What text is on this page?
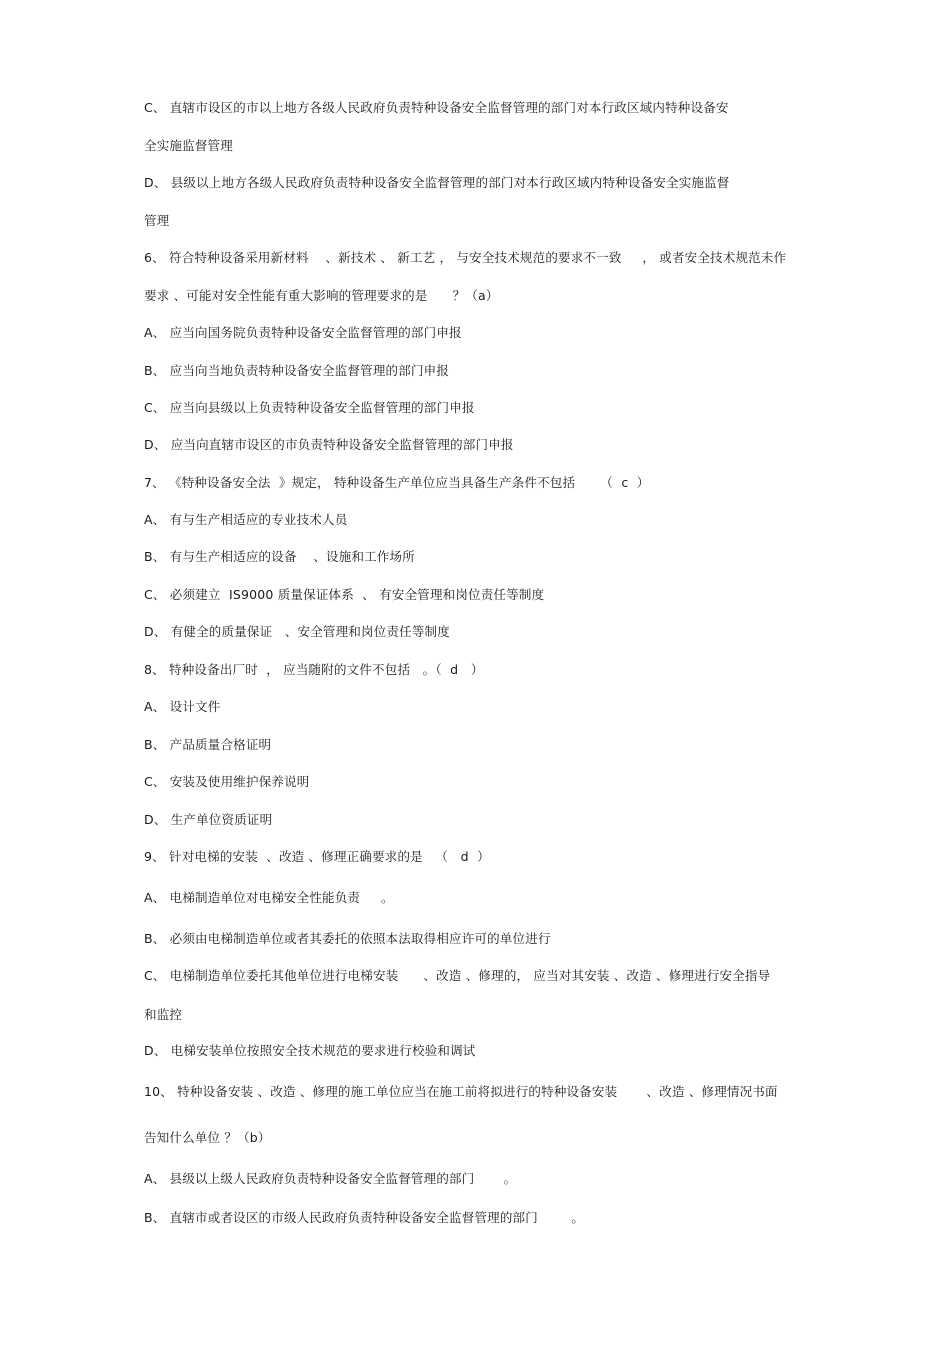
C、 直辖市设区的市以上地方各级人民政府负责特种设备安全监督管理的部门对本行政区域内特种设备安
全实施监督管理
D、 县级以上地方各级人民政府负责特种设备安全监督管理的部门对本行政区域内特种设备安全实施监督
管理
6、 符合特种设备采用新材料    、新技术 、 新工艺 ， 与安全技术规范的要求不一致     ， 或者安全技术规范未作
要求 、可能对安全性能有重大影响的管理要求的是      ？（a）
A、 应当向国务院负责特种设备安全监督管理的部门申报
B、 应当向当地负责特种设备安全监督管理的部门申报
C、 应当向县级以上负责特种设备安全监督管理的部门申报
D、 应当向直辖市设区的市负责特种设备安全监督管理的部门申报
7、 《特种设备安全法  》规定， 特种设备生产单位应当具备生产条件不包括      （  c  ）
A、 有与生产相适应的专业技术人员
B、 有与生产相适应的设备    、设施和工作场所
C、 必须建立  IS9000 质量保证体系  、 有安全管理和岗位责任等制度
D、 有健全的质量保证   、安全管理和岗位责任等制度
8、 特种设备出厂时  ， 应当随附的文件不包括   。（  d   ）
A、 设计文件
B、 产品质量合格证明
C、 安装及使用维护保养说明
D、 生产单位资质证明
9、 针对电梯的安装  、改造 、修理正确要求的是   （   d  ）
A、 电梯制造单位对电梯安全性能负责     。
B、 必须由电梯制造单位或者其委托的依照本法取得相应许可的单位进行
C、 电梯制造单位委托其他单位进行电梯安装      、改造 、修理的， 应当对其安装 、改造 、修理进行安全指导
和监控
D、 电梯安装单位按照安全技术规范的要求进行校验和调试
10、 特种设备安装 、改造 、修理的施工单位应当在施工前将拟进行的特种设备安装       、改造 、修理情况书面
告知什么单位 ？（b）
A、 县级以上级人民政府负责特种设备安全监督管理的部门       。
B、 直辖市或者设区的市级人民政府负责特种设备安全监督管理的部门        。
